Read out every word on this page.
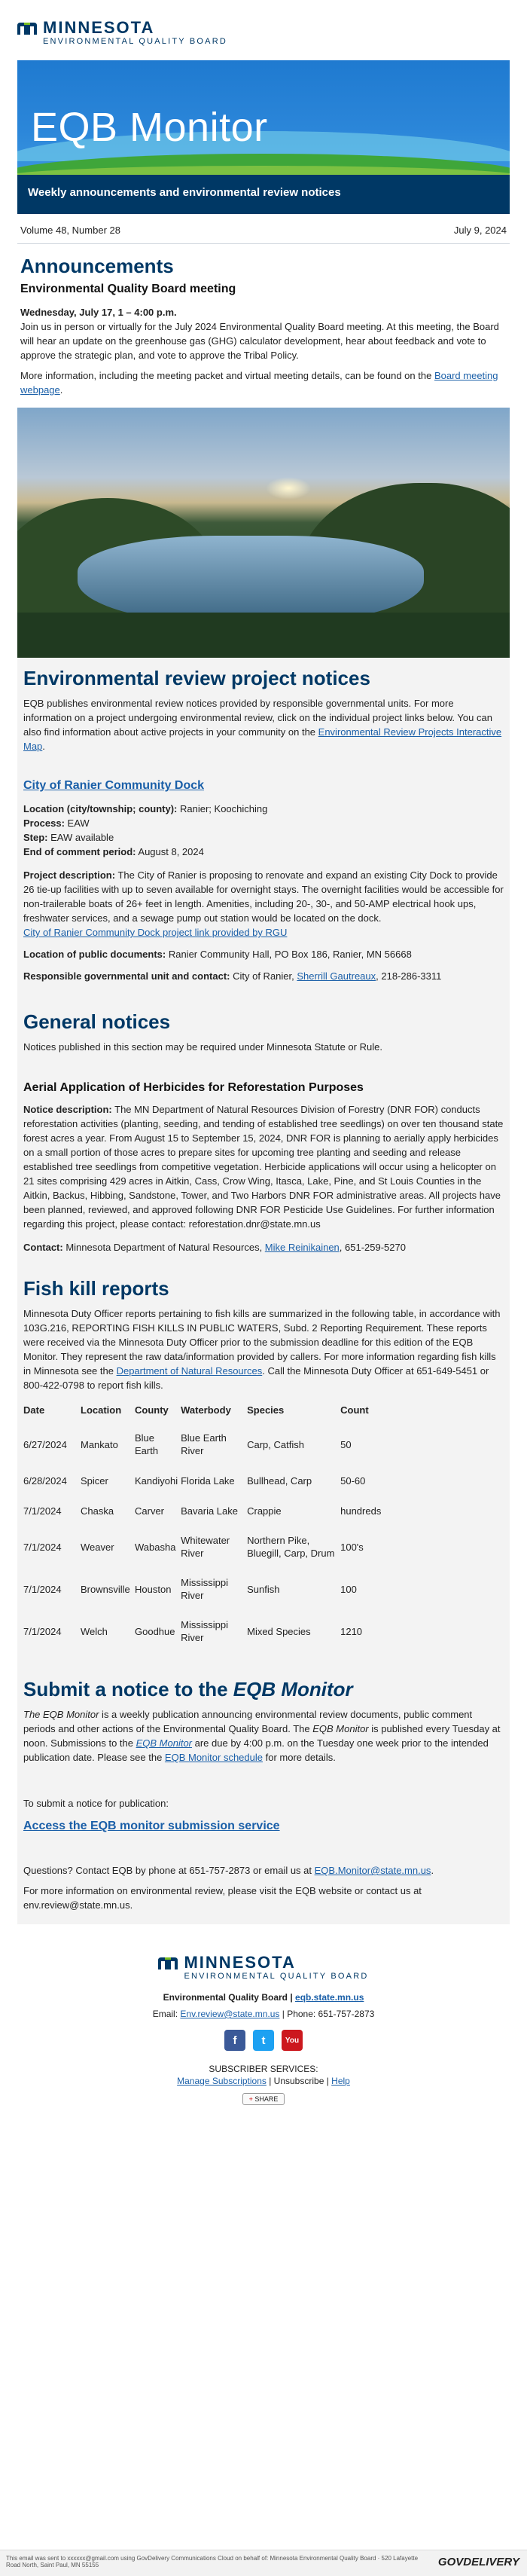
MINNESOTA
ENVIRONMENTAL QUALITY BOARD
EQB Monitor
Weekly announcements and environmental review notices
Volume 48, Number 28	July 9, 2024
Announcements
Environmental Quality Board meeting

Wednesday, July 17, 1 – 4:00 p.m.

Join us in person or virtually for the July 2024 Environmental Quality Board meeting. At this meeting, the Board will hear an update on the greenhouse gas (GHG) calculator development, hear about feedback and vote to approve the strategic plan, and vote to approve the Tribal Policy.

More information, including the meeting packet and virtual meeting details, can be found on the Board meeting webpage.

Environmental review project notices

EQB publishes environmental review notices provided by responsible governmental units. For more information on a project undergoing environmental review, click on the individual project links below. You can also find information about active projects in your community on the Environmental Review Projects Interactive Map.

City of Ranier Community Dock

Location (city/township; county): Ranier; Koochiching

Process: EAW

Step: EAW available

End of comment period: August 8, 2024

Project description: The City of Ranier is proposing to renovate and expand an existing City Dock to provide 26 tie-up facilities with up to seven available for overnight stays. The overnight facilities would be accessible for non-trailerable boats of 26+ feet in length. Amenities, including 20-, 30-, and 50-AMP electrical hook ups, freshwater services, and a sewage pump out station would be located on the dock.
City of Ranier Community Dock project link provided by RGU

Location of public documents: Ranier Community Hall, PO Box 186, Ranier, MN 56668

Responsible governmental unit and contact: City of Ranier, Sherrill Gautreaux, 218-286-3311

General notices

Notices published in this section may be required under Minnesota Statute or Rule.

Aerial Application of Herbicides for Reforestation Purposes

Notice description: The MN Department of Natural Resources Division of Forestry (DNR FOR) conducts reforestation activities (planting, seeding, and tending of established tree seedlings) on over ten thousand state forest acres a year. From August 15 to September 15, 2024, DNR FOR is planning to aerially apply herbicides on a small portion of those acres to prepare sites for upcoming tree planting and seeding and release established tree seedlings from competitive vegetation. Herbicide applications will occur using a helicopter on 21 sites comprising 429 acres in Aitkin, Cass, Crow Wing, Itasca, Lake, Pine, and St Louis Counties in the Aitkin, Backus, Hibbing, Sandstone, Tower, and Two Harbors DNR FOR administrative areas. All projects have been planned, reviewed, and approved following DNR FOR Pesticide Use Guidelines. For further information regarding this project, please contact: reforestation.dnr@state.mn.us

Contact: Minnesota Department of Natural Resources, Mike Reinikainen, 651-259-5270

Fish kill reports

Minnesota Duty Officer reports pertaining to fish kills are summarized in the following table, in accordance with 103G.216, REPORTING FISH KILLS IN PUBLIC WATERS, Subd. 2 Reporting Requirement. These reports were received via the Minnesota Duty Officer prior to the submission deadline for this edition of the EQB Monitor. They represent the raw data/information provided by callers. For more information regarding fish kills in Minnesota see the Department of Natural Resources. Call the Minnesota Duty Officer at 651-649-5451 or 800-422-0798 to report fish kills.

Date	Location	County	Waterbody	Species	Count
6/27/2024	Mankato	Blue Earth	Blue Earth River	Carp, Catfish	50
6/28/2024	Spicer	Kandiyohi	Florida Lake	Bullhead, Carp	50-60
7/1/2024	Chaska	Carver	Bavaria Lake	Crappie	hundreds
7/1/2024	Weaver	Wabasha	Whitewater River	Northern Pike, Bluegill, Carp, Drum	100's
7/1/2024	Brownsville	Houston	Mississippi River	Sunfish	100
7/1/2024	Welch	Goodhue	Mississippi River	Mixed Species	1210
Submit a notice to the EQB Monitor

The EQB Monitor is a weekly publication announcing environmental review documents, public comment periods and other actions of the Environmental Quality Board. The EQB Monitor is published every Tuesday at noon. Submissions to the EQB Monitor are due by 4:00 p.m. on the Tuesday one week prior to the intended publication date. Please see the EQB Monitor schedule for more details.

To submit a notice for publication:

Access the EQB monitor submission service

Questions? Contact EQB by phone at 651-757-2873 or email us at EQB.Monitor@state.mn.us.

For more information on environmental review, please visit the EQB website or contact us at env.review@state.mn.us.

MINNESOTA
ENVIRONMENTAL QUALITY BOARD
Environmental Quality Board | eqb.state.mn.us
Email: Env.review@state.mn.us | Phone: 651-757-2873
f	t	You
SUBSCRIBER SERVICES:
Manage Subscriptions | Unsubscribe | Help
+ SHARE
This email was sent to xxxxxx@gmail.com using GovDelivery Communications Cloud on behalf of: Minnesota Environmental Quality Board · 520 Lafayette Road North, Saint Paul, MN 55155	GOVDELIVERY
